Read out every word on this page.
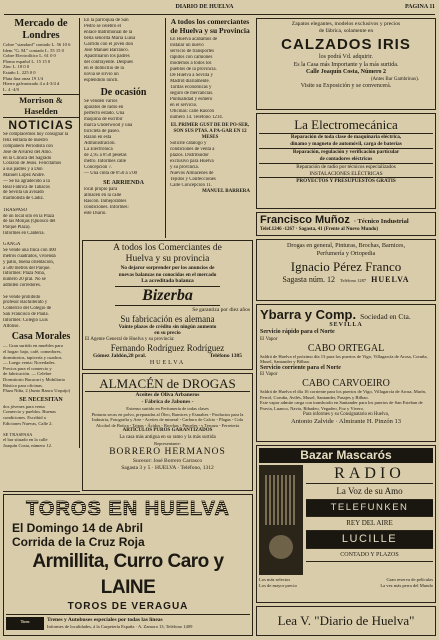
DIARIO DE HUELVA	PAGINA 11
Mercado de Londres
Cobre "standard" contado L. 56 10 6
Idem "G. M." contado L. 55 15 0
Cobre Electrolítico L. 61 0 0
Plomo español L. 15 15 0
Zinc L. 18 0 0
Estaño L. 225 0 0
Plata fina onza 19 1/4
Hierro galvanizado 4 a 4-3/4 d
L. 4 -4/0
Morrison & Haselden
NOTICIAS
Se complacemos hoy consignar la
feliz entrada de nuestro
compañero Periodista con
José de Alvarez del Amo.
en la Clínica del Sagrado
Corazón de Jesús. Felicitamos
a sus padres y a Don
Manuel López Andre.
— Se ha agradecido a la
Real Fábrica de Tabacos
de Sevilla un avisado
marmolista de Cádiz.

TRASPASO
de un local sito en la Plaza
de las Monjas (Quiosco del
Parque Plaza).
Informes en Cantería.

GANGA
Se vende una finca con 400
metros cuadrados, vivienda
y patio, buena orientación,
a 500 metros del Parque.
Informes: Plaza Niña,
número 20 pral. No se
admiten corredores.

Se vende prohibido
profesor Bachillerato y
Comercio del Colegio de
San Francisco de Paula.
Informes: Colegio Luis
Alfonso.
Casa Morales
— Gran surtido en muebles para
el hogar: bajo, café, comedores,
dormitorios, tapicería y cuadros.
— Luego venta: Novedades.
Precios para el comercio y
de fabricación. — Celebre
Dormitorio Bacacari y Mobiliario
Rústico para oficinas.
Plaza Niña, 2 (Junto Banco Urquijo)
SE NECESITAN
dos jóvenes para venta
Comercio y pueblos. Buenas
condiciones. Escribid a
Ediciones Nuevas, Calle 2.

SE TRASPASA
el bar situado en la calle
Joaquín Costa, número 12.

En la parroquia de San
Pedro se celebró el
enlace matrimonial de la
bella señorita María Luisa
Garrido con el joven don
José Manuel Barranco.
Apadrinaron los padres
del contrayente. Después
en el domicilio de la
novia se sirvió un
espléndido lunch.
De ocasión
Se venden varios
aparatos de radio en
perfecto estado. Una
máquina de escribir
marca Underwood y una
bicicleta de paseo.
Razón en esta
Administración.
La Electrónica
de 2,95 a 8'50 pesetas
metro. Informes calle
Concepción 7.
— Una cinta de 8'50 a 5'00
SE ARRIENDA
local propio para
almacén en la calle
Rascón. Inmejorables
condiciones. Informes:
este Diario.
A todos los comerciantes de Huelva y su Provincia
En Huelva acabamos de
instalar un nuevo
servicio de transportes
rápidos con camiones
modernos a todos los
pueblos de la provincia.
De Huelva a Sevilla y
Madrid diariamente.
Tarifas económicas y
seguro de mercancías.
Puntualidad y esmero
en el servicio.
Oficinas: calle Rascón
número 14. Teléfono 1214.
EL PRIMER GUST DE DE PO-SER, SON SUS PTAS. A PA-GAR EN 12 MESES
Solicite catálogo y
condiciones de venta a
plazos. Distribuidor
exclusivo para Huelva
y su provincia.
Nuevos Almacenes de
Tejidos y Confecciones
Calle Concepción 11.
MANUEL BARRERA
A todos los Comerciantes de
Huelva y su provincia
No dejaror sorprender por los anuncios de
nuevas balanzas no conocidas en el mercado
La acreditada balanza
Bizerba
Se garantiza por diez años
Su fabricación es alemana
Vainte plazos de crédito sin ningún aumento
en su precio
El Agente General de Huelva y su provincia:
Fernando Rodríguez Rodríguez
Gómez Jaldón,28 pral.	Teléfono 1385
HUELVA
ALMACÉN de DROGAS
Aceites de Oliva Arbaneros
- Fábrica de Jabones -
Extenso surtido en Perfumería de todas clases
Pinturas secas en polvo, preparadas al Óleo, Barnices y Esmaltes - Productos para la
Industria, Fotografía y Arte - Aceites de mineral - Carburo de Calcio - Plagas - Cola
Alcohol de Botica - Tripas - Ácidos - Brochas - Pinceles - y Terraza - Ferretería
ARTÍCULOS PUROS GARANTIZADOS
La casa más antigua en su ramo y la más surtida
Representante:
BORRERO HERMANOS
Sucesor: José Borrero Carrasco
Sagasta 3 y 5 · HUELVA · Teléfono, 1312
Zapatos elegantes, modelos exclusivos y precios
de fábrica, solamente en
CALZADOS IRIS
los podrá Vd. adquirir.
Es la Casa más Importante y la más surtida.
Calle Joaquín Costa, Número 2
(Antes Bar Gambrinus).
Visite su Exposición y se convencerá.
La Electromecánica
Reparación de toda clase de maquinaria eléctrica,
dinamo y magneto de automóvil, carga de baterías
Reparación, regulación y verificación particular
de contadores eléctricos
Reparación de radio por técnicos especializados
INSTALACIONES ELÉCTRICAS
PROYECTOS Y PRESUPUESTOS GRATIS
Francisco Muñoz · Técnico Industrial
Telef.1246 -1267 · Sagasta, 41 (Frente al Nuevo Mundo)
Drogas en general, Pinturas, Brochas, Barnices,
Perfumería y Ortopedia
Ignacio Pérez Franco
Sagasta núm. 12 Teléfono 1287 HUELVA
Ybarra y Comp. Sociedad en Cta.
SEVILLA
Servicio rápido para el Norte
El Vapor
CABO ORTEGAL
Saldrá de Huelva el próximo día 13 para los puertos de Vigo, Villagarcía de Arosa, Coruña, Musel, Santander y Bilbao.
Servicio corriente para el Norte
El Vapor
CABO CARVOEIRO
Saldrá de Huelva el día 16 corriente para los puertos de Vigo, Villagarcía de Arosa, Marín, Ferrol, Coruña, Avilés, Musel, Santander, Pasajes y Bilbao.
Este vapor admite carga con transbordo en Santander para los puertos de San Esteban de Pravia, Luanco, Navia, Ribadeo, Vegadeo, Foz y Vivero.
Para informes y su Consignatario en Huelva,
Antonio Zalvide · Almirante H. Pinzón 13
Bazar Mascarós
RADIO
La Voz de su Amo
TELEFUNKEN
REY DEL AIRE
LUCILLE
CONTADO Y PLAZOS
Los más selectos
Los de mayor precio
Gran reserva de películas
La vez más perra del Mundo
Lea V. "Diario de Huelva"
TOROS EN HUELVA
El Domingo 14 de Abril
Corrida de la Cruz Roja
Armillita, Curro Caro y LAINE
TOROS DE VERAGUA
Toro	Trenes y Autobuses especiales por todas las líneas
Informes de localidades, á la Carpetería España · A. Zamora 13, Teléfono 1409
